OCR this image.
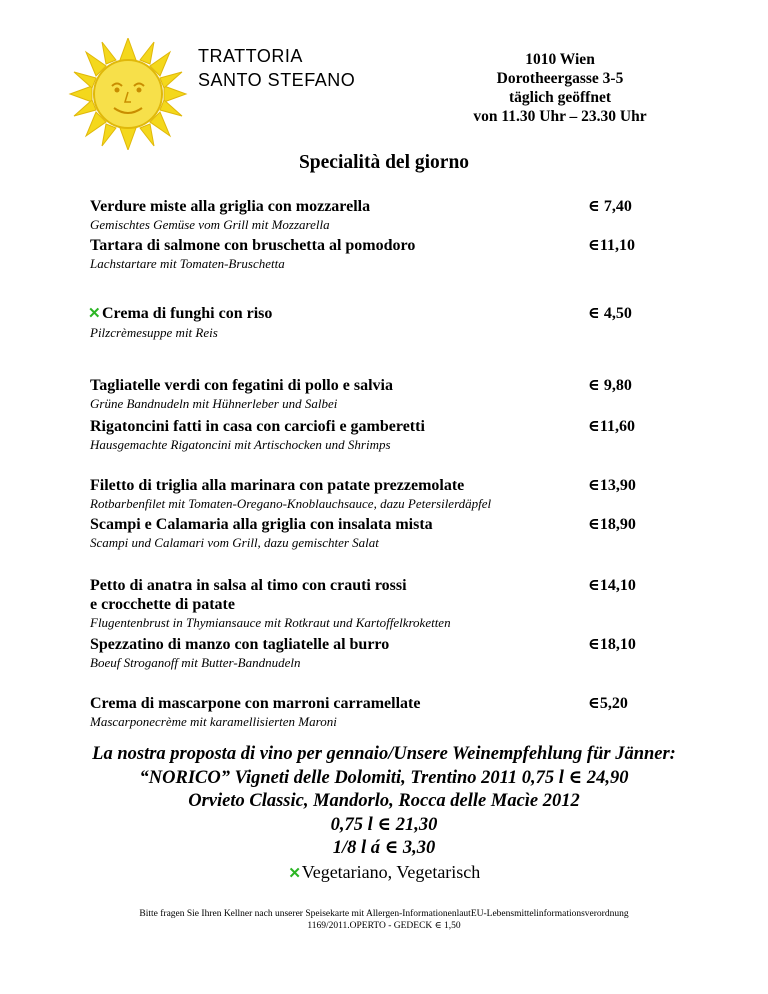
TRATTORIA
SANTO STEFANO
1010 Wien
Dorotheergasse 3-5
täglich geöffnet
von 11.30 Uhr – 23.30 Uhr
Specialità del giorno
Verdure miste alla griglia con mozzarella
Gemischtes Gemüse vom Grill mit Mozzarella
∈ 7,40
Tartara di salmone con bruschetta al pomodoro
Lachstartare mit Tomaten-Bruschetta
∈11,10
✕Crema di funghi con riso
Pilzcrèmesuppe mit Reis
∈ 4,50
Tagliatelle verdi con fegatini di pollo e salvia
Grüne Bandnudeln mit Hühnerleber und Salbei
∈ 9,80
Rigatoncini fatti in casa con carciofi e gamberetti
Hausgemachte Rigatoncini mit Artischocken und Shrimps
∈11,60
Filetto di triglia alla marinara con patate prezzemolate
Rotbarbenfilet mit Tomaten-Oregano-Knoblauchsauce, dazu Petersilerdäpfel
∈13,90
Scampi e Calamaria alla griglia con insalata mista
Scampi und Calamari vom Grill, dazu gemischter Salat
∈18,90
Petto di anatra in salsa al timo con crauti rossi
e crocchette di patate
Flugentenbrust in Thymiansauce mit Rotkraut und Kartoffelkroketten
∈14,10
Spezzatino di manzo con tagliatelle al burro
Boeuf Stroganoff mit Butter-Bandnudeln
∈18,10
Crema di mascarpone con marroni carramellate
Mascarponecrème mit karamellisierten Maroni
∈5,20
La nostra proposta di vino per gennaio/Unsere Weinempfehlung für Jänner:
“NORICO” Vigneti delle Dolomiti, Trentino 2011 0,75 l ∈ 24,90
Orvieto Classic, Mandorlo, Rocca delle Macìe 2012
0,75 l ∈ 21,30
1/8 l á ∈ 3,30
✕Vegetariano, Vegetarisch
Bitte fragen Sie Ihren Kellner nach unserer Speisekarte mit Allergen-InformationenlautEU-Lebensmittelinformationsverordnung
1169/2011.OPERTO - GEDECK ∈ 1,50
